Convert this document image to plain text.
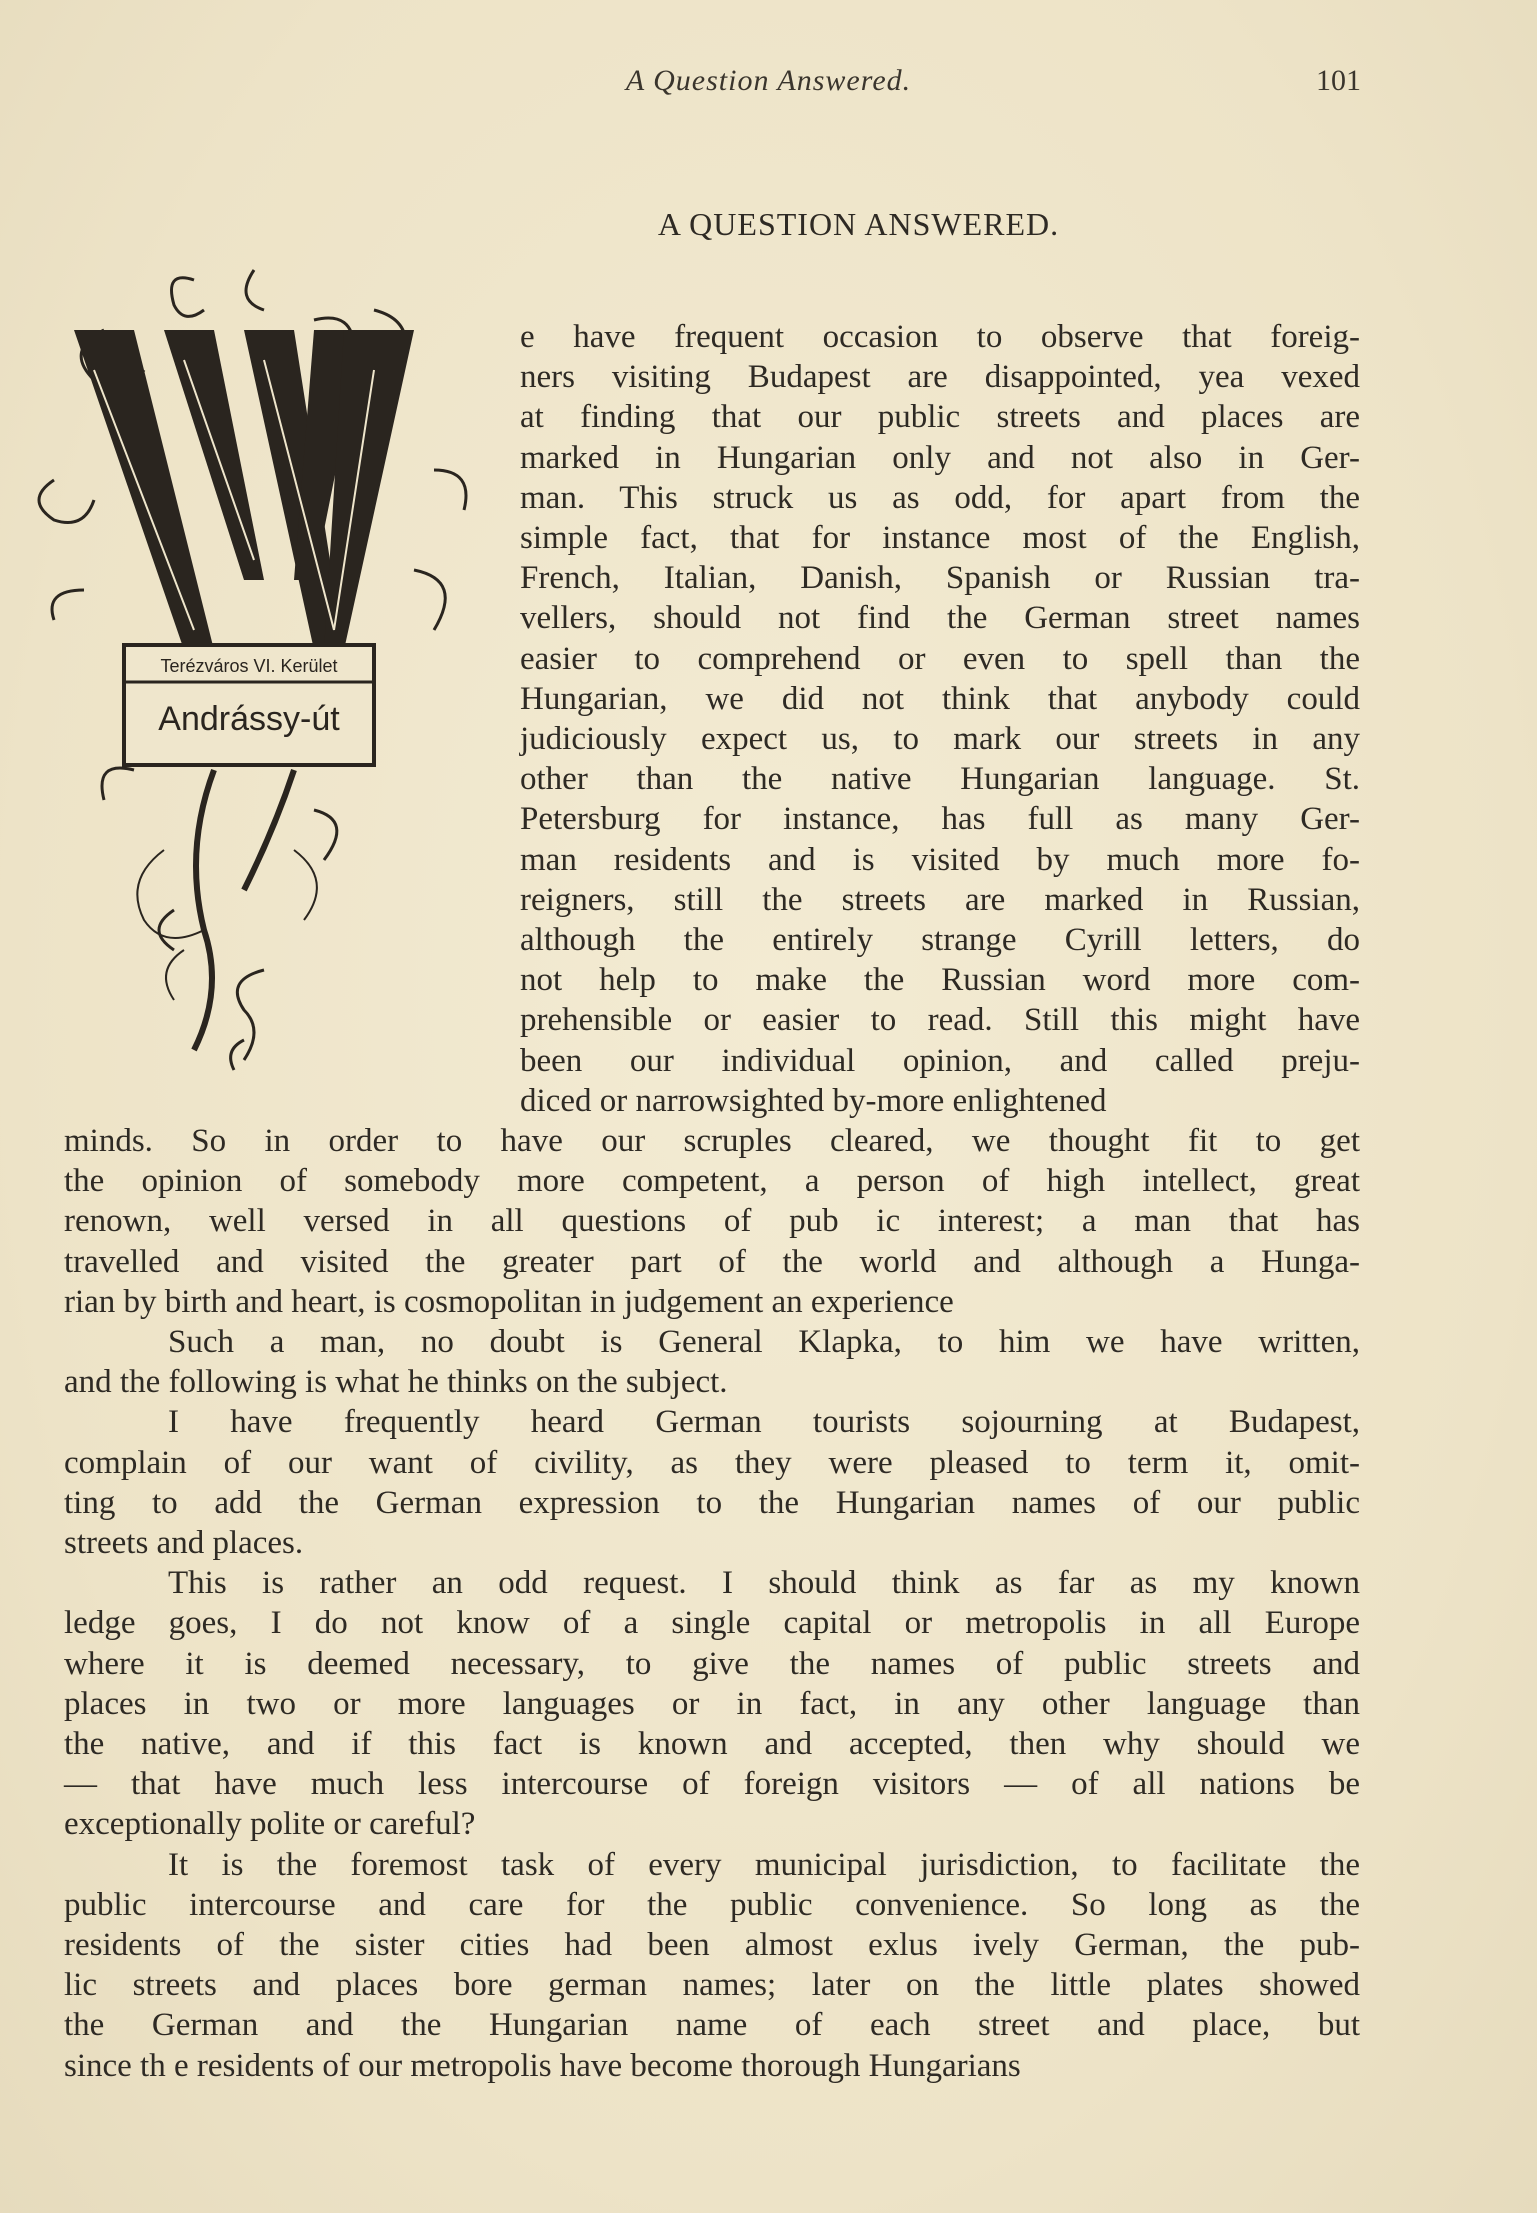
A Question Answered.	101
A QUESTION ANSWERED.
Terézváros VI. Kerület
Andrássy-út
e have frequent occasion to observe that foreig-
ners visiting Budapest are disappointed, yea vexed
at finding that our public streets and places are
marked in Hungarian only and not also in Ger-
man. This struck us as odd, for apart from the
simple fact, that for instance most of the English,
French, Italian, Danish, Spanish or Russian tra-
vellers, should not find the German street names
easier to comprehend or even to spell than the
Hungarian, we did not think that anybody could
judiciously expect us, to mark our streets in any
other than the native Hungarian language. St.
Petersburg for instance, has full as many Ger-
man residents and is visited by much more fo-
reigners, still the streets are marked in Russian,
although the entirely strange Cyrill letters, do
not help to make the Russian word more com-
prehensible or easier to read. Still this might have
been our individual opinion, and called preju-
diced or narrowsighted by-more enlightened
minds. So in order to have our scruples cleared, we thought fit to get
the opinion of somebody more competent, a person of high intellect, great
renown, well versed in all questions of pub ic interest; a man that has
travelled and visited the greater part of the world and although a Hunga-
rian by birth and heart, is cosmopolitan in judgement an experience
Such a man, no doubt is General Klapka, to him we have written,
and the following is what he thinks on the subject.
I have frequently heard German tourists sojourning at Budapest,
complain of our want of civility, as they were pleased to term it, omit-
ting to add the German expression to the Hungarian names of our public
streets and places.
This is rather an odd request. I should think as far as my known
ledge goes, I do not know of a single capital or metropolis in all Europe
where it is deemed necessary, to give the names of public streets and
places in two or more languages or in fact, in any other language than
the native, and if this fact is known and accepted, then why should we
— that have much less intercourse of foreign visitors — of all nations be
exceptionally polite or careful?
It is the foremost task of every municipal jurisdiction, to facilitate the
public intercourse and care for the public convenience. So long as the
residents of the sister cities had been almost exlus ively German, the pub-
lic streets and places bore german names; later on the little plates showed
the German and the Hungarian name of each street and place, but
since th e residents of our metropolis have become thorough Hungarians
